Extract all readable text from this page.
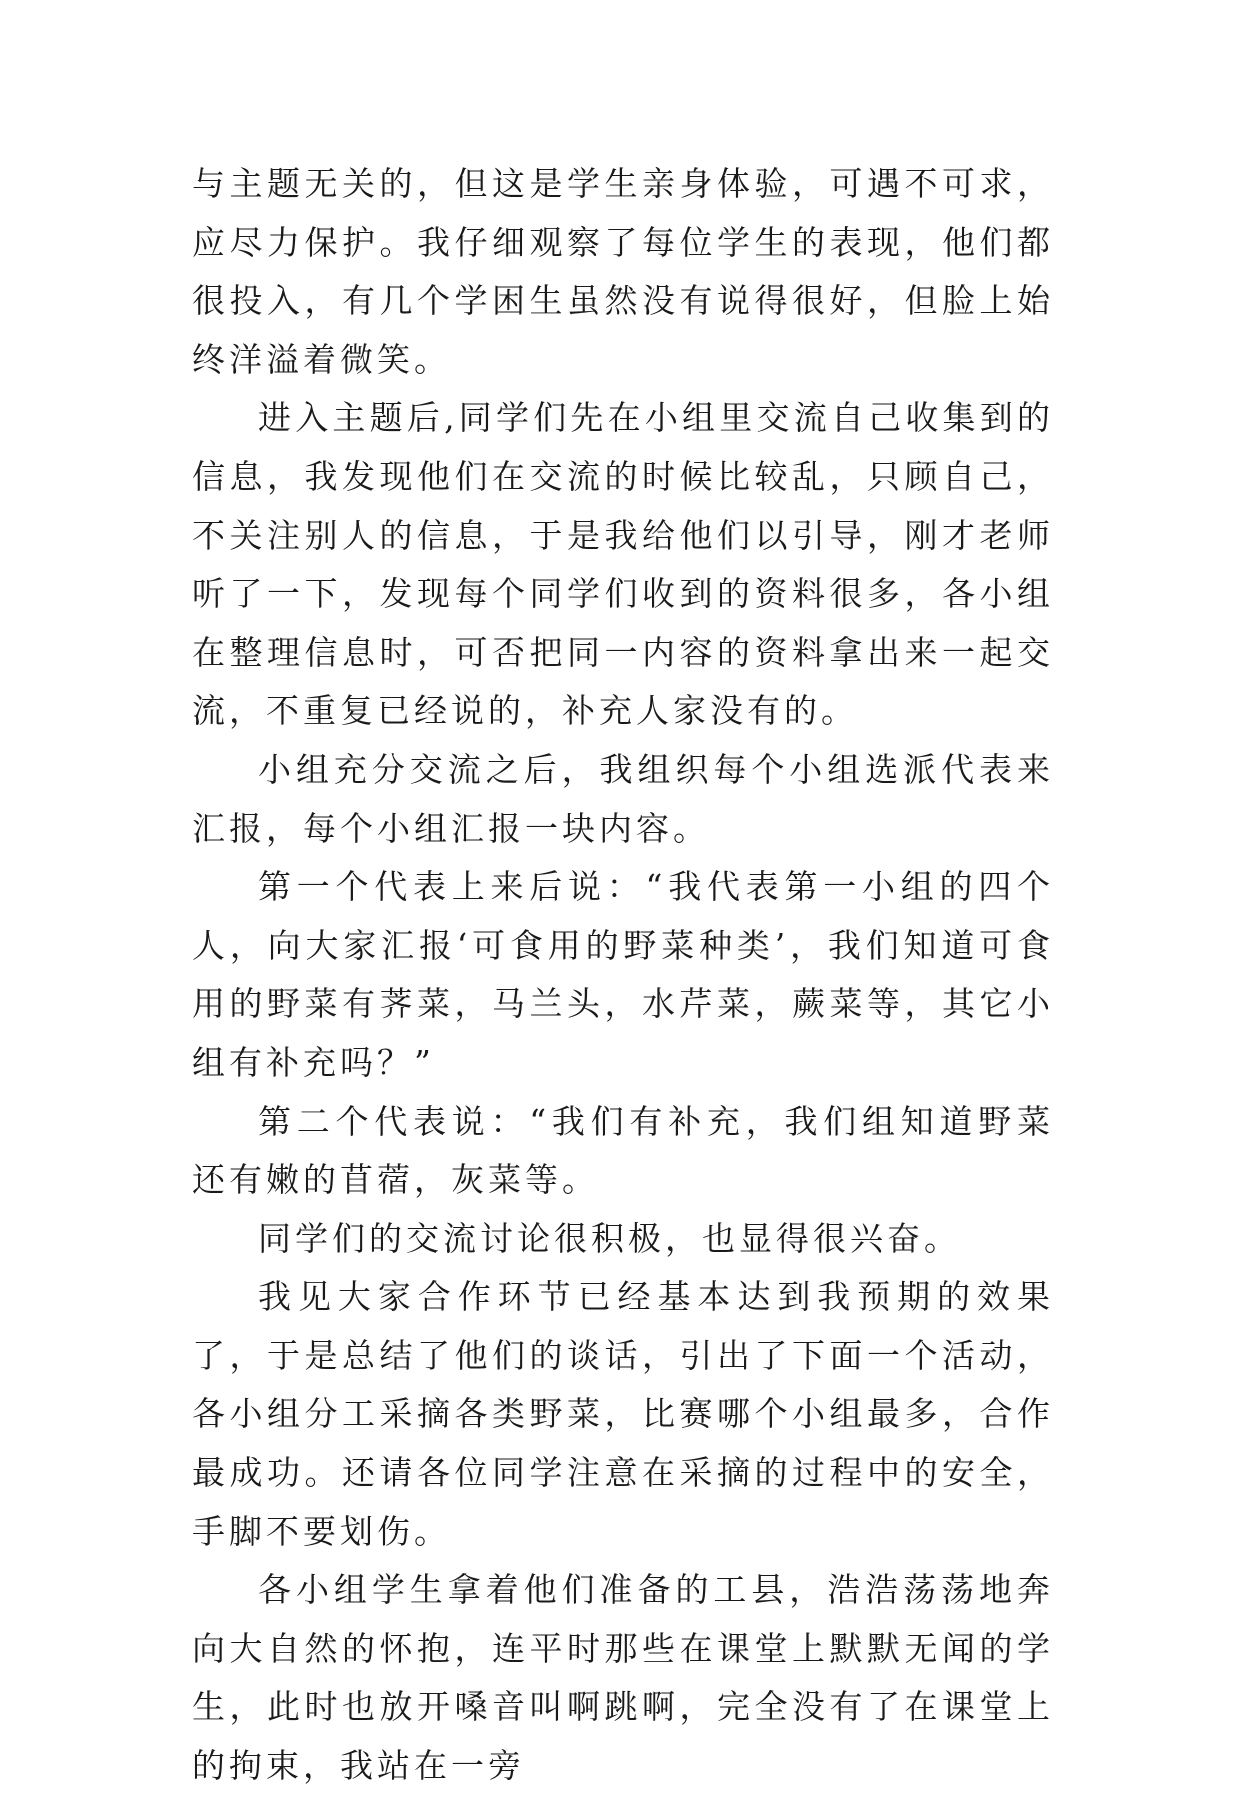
与主题无关的，但这是学生亲身体验，可遇不可求，应尽力保护。我仔细观察了每位学生的表现，他们都很投入，有几个学困生虽然没有说得很好，但脸上始终洋溢着微笑。

进入主题后,同学们先在小组里交流自己收集到的信息，我发现他们在交流的时候比较乱，只顾自己，不关注别人的信息，于是我给他们以引导，刚才老师听了一下，发现每个同学们收到的资料很多，各小组在整理信息时，可否把同一内容的资料拿出来一起交流，不重复已经说的，补充人家没有的。

小组充分交流之后，我组织每个小组选派代表来汇报，每个小组汇报一块内容。

第一个代表上来后说：“我代表第一小组的四个人，向大家汇报‘可食用的野菜种类’，我们知道可食用的野菜有荠菜，马兰头，水芹菜，蕨菜等，其它小组有补充吗？”

第二个代表说：“我们有补充，我们组知道野菜还有嫩的苜蓿，灰菜等。

同学们的交流讨论很积极，也显得很兴奋。

我见大家合作环节已经基本达到我预期的效果了，于是总结了他们的谈话，引出了下面一个活动，各小组分工采摘各类野菜，比赛哪个小组最多，合作最成功。还请各位同学注意在采摘的过程中的安全，手脚不要划伤。

各小组学生拿着他们准备的工县，浩浩荡荡地奔向大自然的怀抱，连平时那些在课堂上默默无闻的学生，此时也放开嗓音叫啊跳啊，完全没有了在课堂上的拘束，我站在一旁
